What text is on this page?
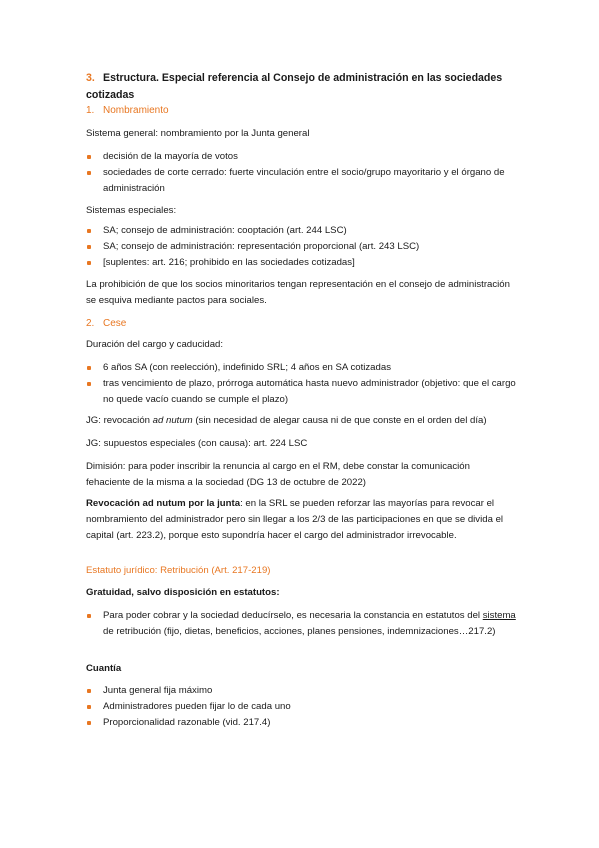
3. Estructura. Especial referencia al Consejo de administración en las sociedades cotizadas
1. Nombramiento
Sistema general: nombramiento por la Junta general
decisión de la mayoría de votos
sociedades de corte cerrado: fuerte vinculación entre el socio/grupo mayoritario y el órgano de administración
Sistemas especiales:
SA; consejo de administración: cooptación (art. 244 LSC)
SA; consejo de administración: representación proporcional (art. 243 LSC)
[suplentes: art. 216; prohibido en las sociedades cotizadas]
La prohibición de que los socios minoritarios tengan representación en el consejo de administración se esquiva mediante pactos para sociales.
2. Cese
Duración del cargo y caducidad:
6 años SA (con reelección), indefinido SRL; 4 años en SA cotizadas
tras vencimiento de plazo, prórroga automática hasta nuevo administrador (objetivo: que el cargo no quede vacío cuando se cumple el plazo)
JG: revocación ad nutum (sin necesidad de alegar causa ni de que conste en el orden del día)
JG: supuestos especiales (con causa): art. 224 LSC
Dimisión: para poder inscribir la renuncia al cargo en el RM, debe constar la comunicación fehaciente de la misma a la sociedad (DG 13 de octubre de 2022)
Revocación ad nutum por la junta: en la SRL se pueden reforzar las mayorías para revocar el nombramiento del administrador pero sin llegar a los 2/3 de las participaciones en que se divida el capital (art. 223.2), porque esto supondría hacer el cargo del administrador irrevocable.
Estatuto jurídico: Retribución (Art. 217-219)
Gratuidad, salvo disposición en estatutos:
Para poder cobrar y la sociedad deducírselo, es necesaria la constancia en estatutos del sistema de retribución (fijo, dietas, beneficios, acciones, planes pensiones, indemnizaciones…217.2)
Cuantía
Junta general fija máximo
Administradores pueden fijar lo de cada uno
Proporcionalidad razonable (vid. 217.4)
